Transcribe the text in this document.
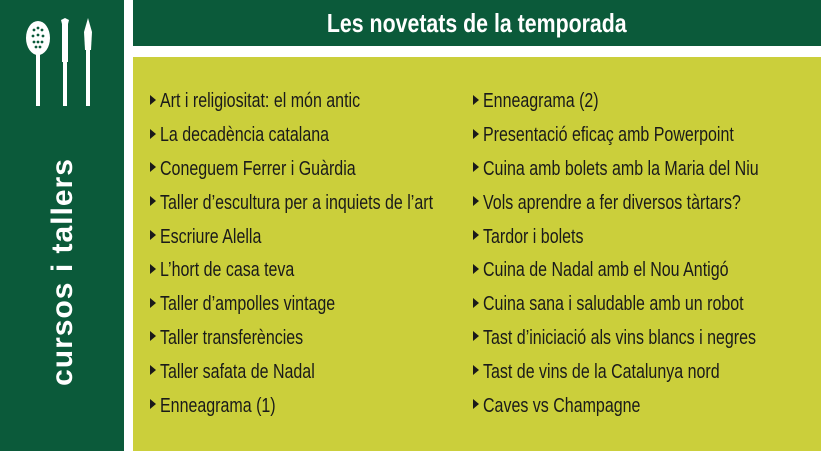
cursos i tallers
Les novetats de la temporada
Art i religiositat: el món antic
La decadència catalana
Coneguem Ferrer i Guàrdia
Taller d’escultura per a inquiets de l’art
Escriure Alella
L’hort de casa teva
Taller d’ampolles vintage
Taller transferències
Taller safata de Nadal
Enneagrama (1)
Enneagrama (2)
Presentació eficaç amb Powerpoint
Cuina amb bolets amb la Maria del Niu
Vols aprendre a fer diversos tàrtars?
Tardor i bolets
Cuina de Nadal amb el Nou Antigó
Cuina sana i saludable amb un robot
Tast d’iniciació als vins blancs i negres
Tast de vins de la Catalunya nord
Caves vs Champagne
